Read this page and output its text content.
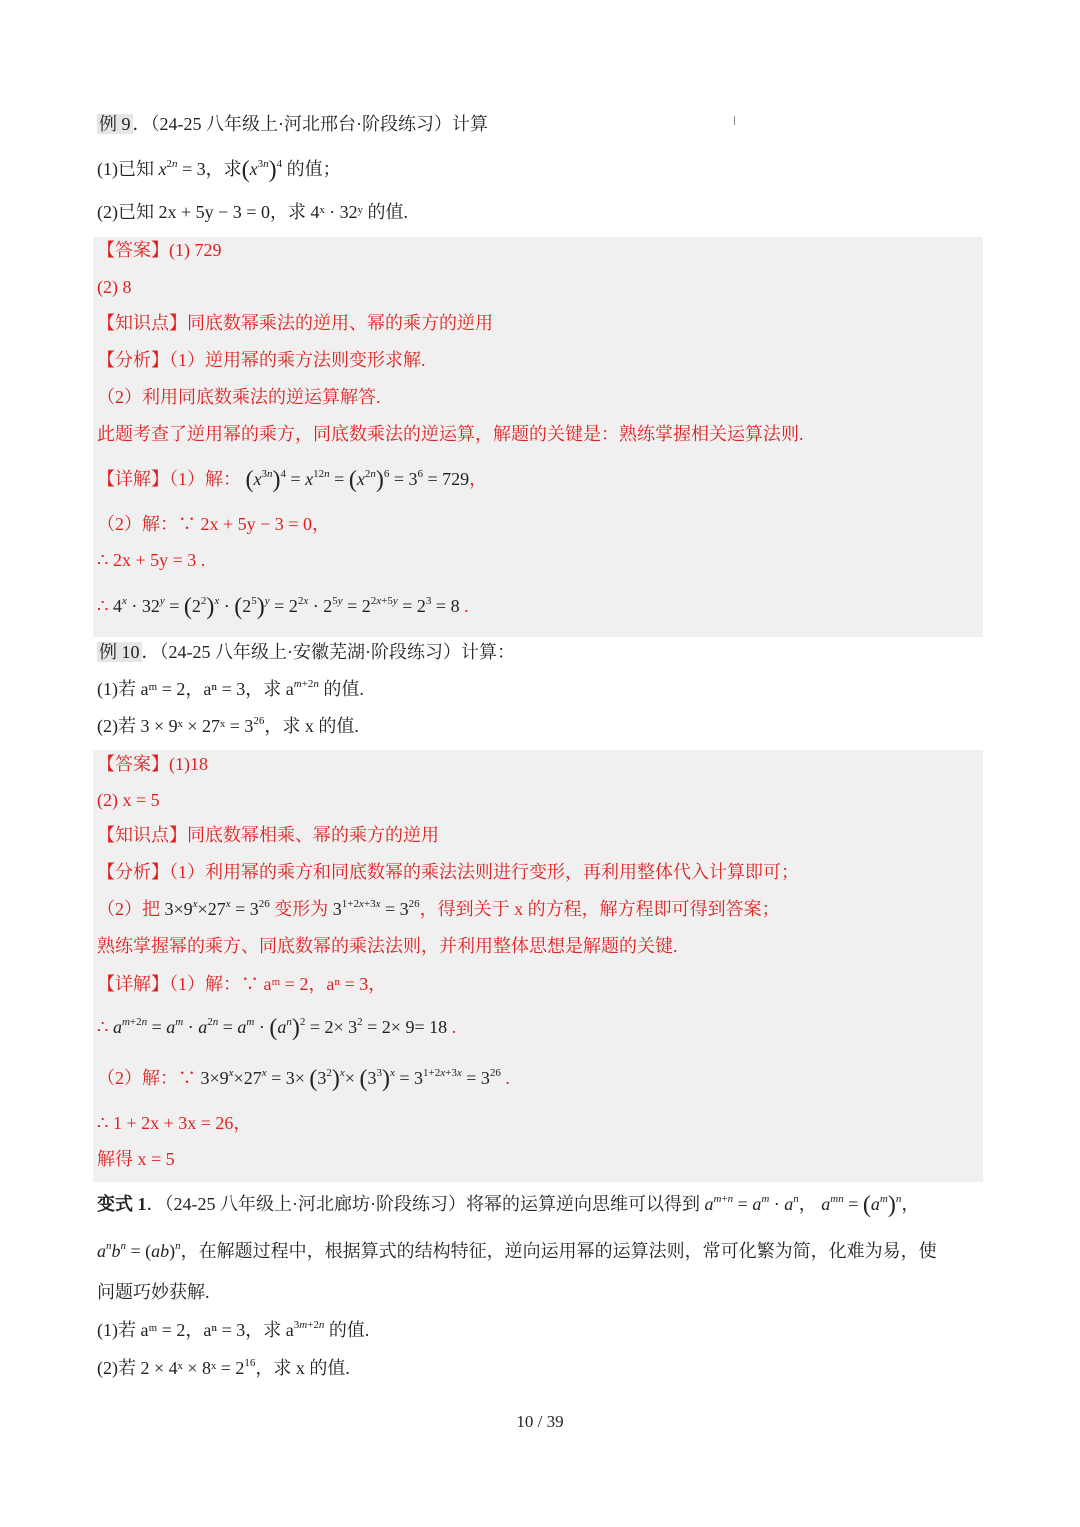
例 9 ．（24-25 八年级上·河北邢台·阶段练习）计算
(1)已知 $x^{2n} = 3$，求$(x^{3n})^4$ 的值；
(2)已知 2x + 5y − 3 = 0，求 4ˣ · 32ʸ 的值.
【答案】(1) 729
(2) 8
【知识点】同底数幂乘法的逆用、幂的乘方的逆用
【分析】（1）逆用幂的乘方法则变形求解.
（2）利用同底数乘法的逆运算解答.
此题考查了逆用幂的乘方，同底数乘法的逆运算，解题的关键是：熟练掌握相关运算法则.
【详解】（1）解： $(x^{3n})^4 = x^{12n} = (x^{2n})^6 = 3^6 = 729$，
（2）解：∵ 2x + 5y − 3 = 0，
∴ 2x + 5y = 3 .
∴ $4^x \cdot 32^y = (2^2)^x \cdot (2^5)^y = 2^{2x} \cdot 2^{5y} = 2^{2x+5y} = 2^3 = 8$ .
例 10 ．（24-25 八年级上·安徽芜湖·阶段练习）计算：
(1)若 aᵐ = 2，aⁿ = 3，求 $a^{m+2n}$ 的值.
(2)若 3 × 9ˣ × 27ˣ = $3^{26}$，求 x 的值.
【答案】(1)18
(2) x = 5
【知识点】同底数幂相乘、幂的乘方的逆用
【分析】（1）利用幂的乘方和同底数幂的乘法法则进行变形，再利用整体代入计算即可；
（2）把 $3\times 9^x\times 27^x = 3^{26}$ 变形为 $3^{1+2x+3x} = 3^{26}$，得到关于 x 的方程，解方程即可得到答案；
熟练掌握幂的乘方、同底数幂的乘法法则，并利用整体思想是解题的关键.
【详解】（1）解：∵ aᵐ = 2，aⁿ = 3，
∴ $a^{m+2n} = a^m \cdot a^{2n} = a^m \cdot (a^n)^2 = 2\times 3^2 = 2\times 9= 18$ .
（2）解：∵ $3\times 9^x\times 27^x = 3\times (3^2)^x\times (3^3)^x = 3^{1+2x+3x} = 3^{26}$ .
∴ 1 + 2x + 3x = 26，
解得 x = 5
变式 1．（24-25 八年级上·河北廊坊·阶段练习）将幂的运算逆向思维可以得到 $a^{m+n} = a^m \cdot a^n$， $a^{mn} = (a^m)^n$，
$a^nb^n = (ab)^n$，在解题过程中，根据算式的结构特征，逆向运用幂的运算法则，常可化繁为简，化难为易，使
问题巧妙获解.
(1)若 aᵐ = 2，aⁿ = 3，求 $a^{3m+2n}$ 的值.
(2)若 2 × 4ˣ × 8ˣ = $2^{16}$，求 x 的值.
10 / 39
